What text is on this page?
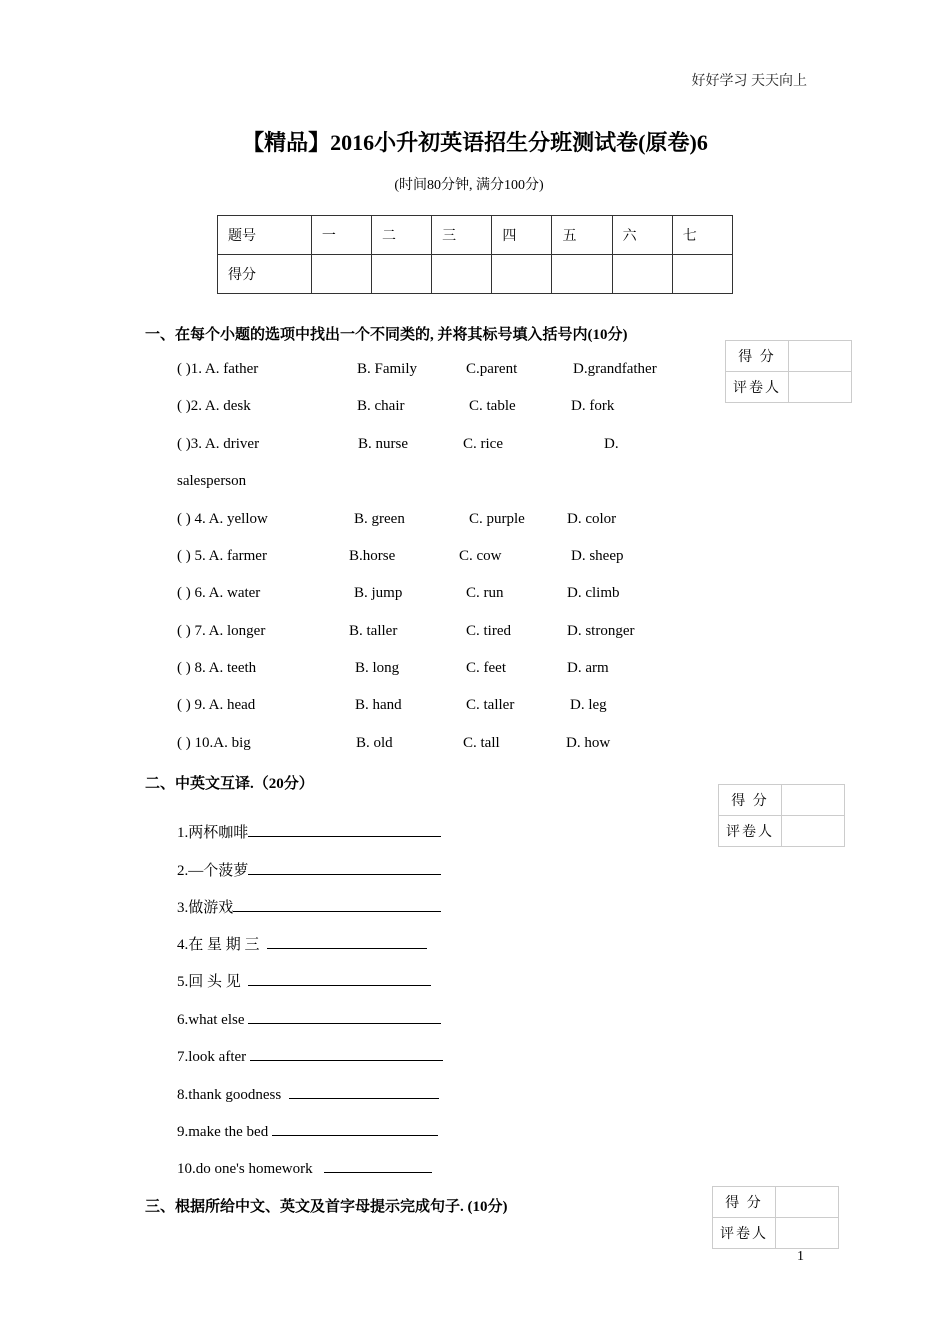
好好学习 天天向上
【精品】2016小升初英语招生分班测试卷(原卷)6
(时间80分钟, 满分100分)
题号	一	二	三	四	五	六	七
得分							
一、在每个小题的选项中找出一个不同类的, 并将其标号填入括号内(10分)
得 分	
评卷人	
( )1. A. father	B. Family	C.parent	D.grandfather
( )2. A. desk	B. chair	C. table	D. fork
( )3. A. driver	B. nurse	C. rice	D.
salesperson
( ) 4. A. yellow	B. green	C. purple	D. color
( ) 5. A. farmer	B.horse	C. cow	D. sheep
( ) 6. A. water	B. jump	C. run	D. climb
( ) 7. A. longer	B. taller	C. tired	D. stronger
( ) 8. A. teeth	B. long	C. feet	D. arm
( ) 9. A. head	B. hand	C. taller	D. leg
( ) 10.A. big	B. old	C. tall	D. how
二、中英文互译.（20分）
得 分	
评卷人	
1.两杯咖啡
2.—个菠萝
3.做游戏
4.在 星 期 三
5.回 头 见
6.what else
7.look after
8.thank goodness
9.make the bed
10.do one's homework
三、根据所给中文、英文及首字母提示完成句子. (10分)	得 分	
评卷人	
1
